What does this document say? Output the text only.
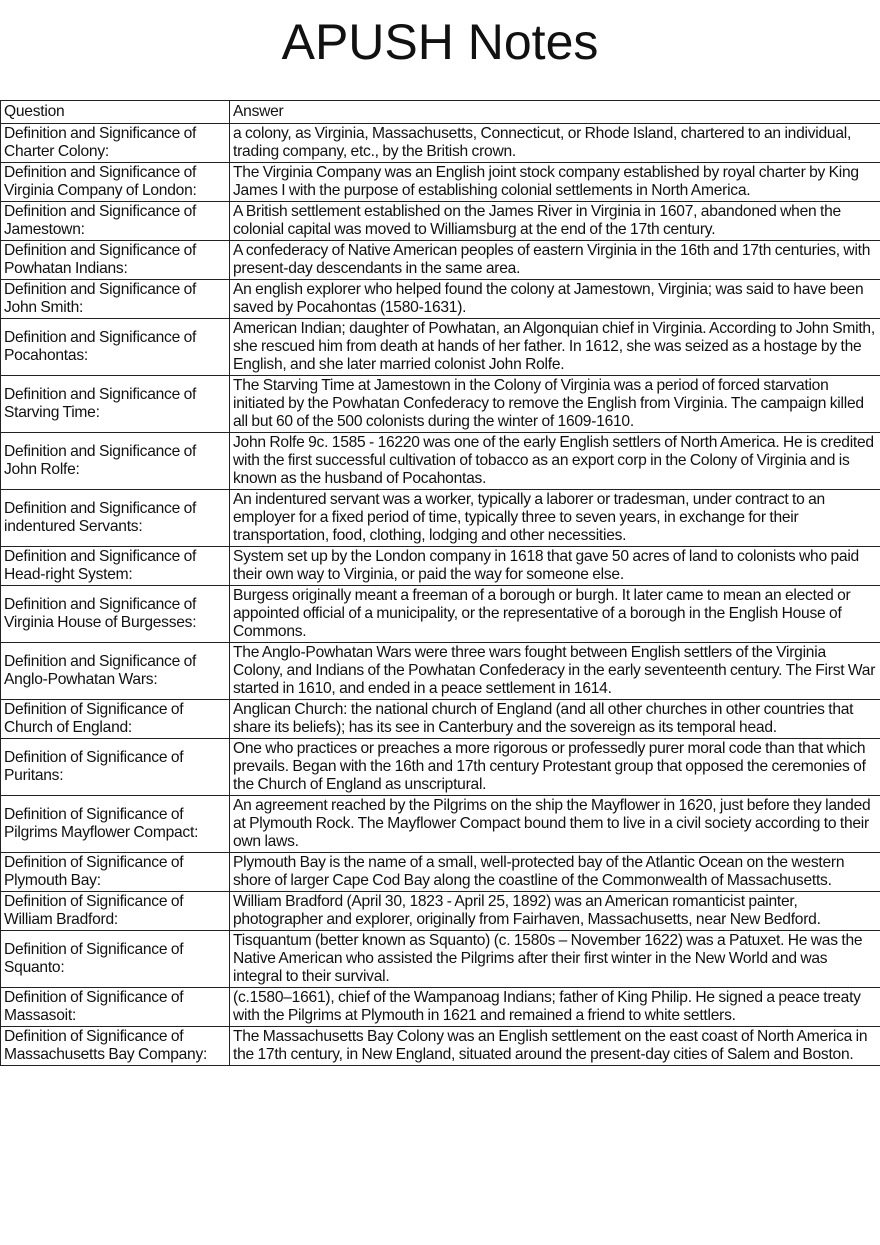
APUSH Notes
Question	Answer
Definition and Significance of Charter Colony:	a colony, as Virginia, Massachusetts, Connecticut, or Rhode Island, chartered to an individual, trading company, etc., by the British crown.
Definition and Significance of Virginia Company of London:	The Virginia Company was an English joint stock company established by royal charter by King James I with the purpose of establishing colonial settlements in North America.
Definition and Significance of Jamestown:	A British settlement established on the James River in Virginia in 1607, abandoned when the colonial capital was moved to Williamsburg at the end of the 17th century.
Definition and Significance of Powhatan Indians:	A confederacy of Native American peoples of eastern Virginia in the 16th and 17th centuries, with present-day descendants in the same area.
Definition and Significance of John Smith:	An english explorer who helped found the colony at Jamestown, Virginia; was said to have been saved by Pocahontas (1580-1631).
Definition and Significance of Pocahontas:	American Indian; daughter of Powhatan, an Algonquian chief in Virginia. According to John Smith, she rescued him from death at hands of her father. In 1612, she was seized as a hostage by the English, and she later married colonist John Rolfe.
Definition and Significance of Starving Time:	The Starving Time at Jamestown in the Colony of Virginia was a period of forced starvation initiated by the Powhatan Confederacy to remove the English from Virginia. The campaign killed all but 60 of the 500 colonists during the winter of 1609-1610.
Definition and Significance of John Rolfe:	John Rolfe 9c. 1585 - 16220 was one of the early English settlers of North America. He is credited with the first successful cultivation of tobacco as an export corp in the Colony of Virginia and is known as the husband of Pocahontas.
Definition and Significance of indentured Servants:	An indentured servant was a worker, typically a laborer or tradesman, under contract to an employer for a fixed period of time, typically three to seven years, in exchange for their transportation, food, clothing, lodging and other necessities.
Definition and Significance of Head-right System:	System set up by the London company in 1618 that gave 50 acres of land to colonists who paid their own way to Virginia, or paid the way for someone else.
Definition and Significance of Virginia House of Burgesses:	Burgess originally meant a freeman of a borough or burgh. It later came to mean an elected or appointed official of a municipality, or the representative of a borough in the English House of Commons.
Definition and Significance of Anglo-Powhatan Wars:	The Anglo-Powhatan Wars were three wars fought between English settlers of the Virginia Colony, and Indians of the Powhatan Confederacy in the early seventeenth century. The First War started in 1610, and ended in a peace settlement in 1614.
Definition of Significance of Church of England:	Anglican Church: the national church of England (and all other churches in other countries that share its beliefs); has its see in Canterbury and the sovereign as its temporal head.
Definition of Significance of Puritans:	One who practices or preaches a more rigorous or professedly purer moral code than that which prevails. Began with the 16th and 17th century Protestant group that opposed the ceremonies of the Church of England as unscriptural.
Definition of Significance of Pilgrims Mayflower Compact:	An agreement reached by the Pilgrims on the ship the Mayflower in 1620, just before they landed at Plymouth Rock. The Mayflower Compact bound them to live in a civil society according to their own laws.
Definition of Significance of Plymouth Bay:	Plymouth Bay is the name of a small, well-protected bay of the Atlantic Ocean on the western shore of larger Cape Cod Bay along the coastline of the Commonwealth of Massachusetts.
Definition of Significance of William Bradford:	William Bradford (April 30, 1823 - April 25, 1892) was an American romanticist painter, photographer and explorer, originally from Fairhaven, Massachusetts, near New Bedford.
Definition of Significance of Squanto:	Tisquantum (better known as Squanto) (c. 1580s – November 1622) was a Patuxet. He was the Native American who assisted the Pilgrims after their first winter in the New World and was integral to their survival.
Definition of Significance of Massasoit:	(c.1580–1661), chief of the Wampanoag Indians; father of King Philip. He signed a peace treaty with the Pilgrims at Plymouth in 1621 and remained a friend to white settlers.
Definition of Significance of Massachusetts Bay Company:	The Massachusetts Bay Colony was an English settlement on the east coast of North America in the 17th century, in New England, situated around the present-day cities of Salem and Boston.
